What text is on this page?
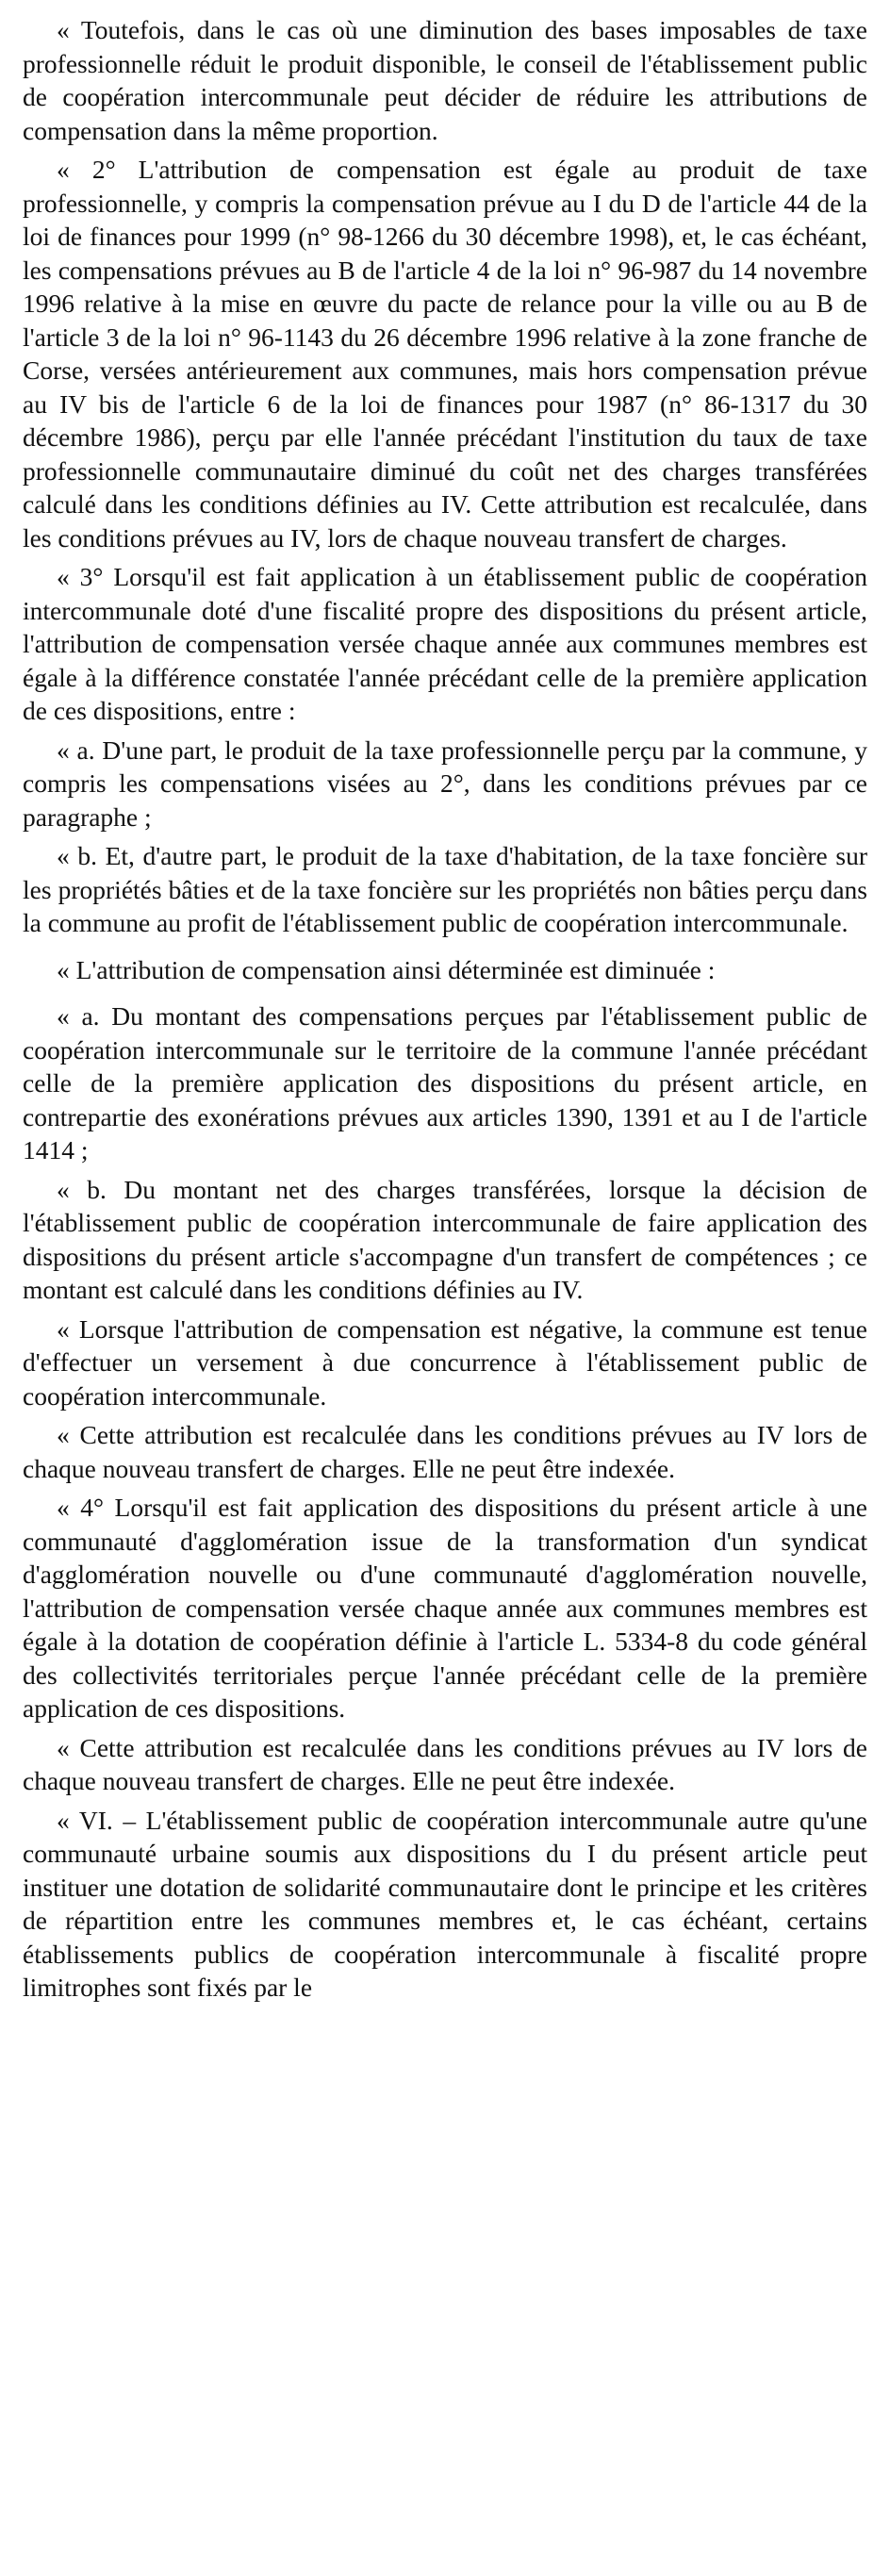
« Toutefois, dans le cas où une diminution des bases imposables de taxe professionnelle réduit le produit disponible, le conseil de l'établissement public de coopération intercommunale peut décider de réduire les attributions de compensation dans la même proportion.

« 2° L'attribution de compensation est égale au produit de taxe professionnelle, y compris la compensation prévue au I du D de l'article 44 de la loi de finances pour 1999 (n° 98-1266 du 30 décembre 1998), et, le cas échéant, les compensations prévues au B de l'article 4 de la loi n° 96-987 du 14 novembre 1996 relative à la mise en œuvre du pacte de relance pour la ville ou au B de l'article 3 de la loi n° 96-1143 du 26 décembre 1996 relative à la zone franche de Corse, versées antérieurement aux communes, mais hors compensation prévue au IV bis de l'article 6 de la loi de finances pour 1987 (n° 86-1317 du 30 décembre 1986), perçu par elle l'année précédant l'institution du taux de taxe professionnelle communautaire diminué du coût net des charges transférées calculé dans les conditions définies au IV. Cette attribution est recalculée, dans les conditions prévues au IV, lors de chaque nouveau transfert de charges.

« 3° Lorsqu'il est fait application à un établissement public de coopération intercommunale doté d'une fiscalité propre des dispositions du présent article, l'attribution de compensation versée chaque année aux communes membres est égale à la différence constatée l'année précédant celle de la première application de ces dispositions, entre :

« a. D'une part, le produit de la taxe professionnelle perçu par la commune, y compris les compensations visées au 2°, dans les conditions prévues par ce paragraphe ;

« b. Et, d'autre part, le produit de la taxe d'habitation, de la taxe foncière sur les propriétés bâties et de la taxe foncière sur les propriétés non bâties perçu dans la commune au profit de l'établissement public de coopération intercommunale.

« L'attribution de compensation ainsi déterminée est diminuée :

« a. Du montant des compensations perçues par l'établissement public de coopération intercommunale sur le territoire de la commune l'année précédant celle de la première application des dispositions du présent article, en contrepartie des exonérations prévues aux articles 1390, 1391 et au I de l'article 1414 ;

« b. Du montant net des charges transférées, lorsque la décision de l'établissement public de coopération intercommunale de faire application des dispositions du présent article s'accompagne d'un transfert de compétences ; ce montant est calculé dans les conditions définies au IV.

« Lorsque l'attribution de compensation est négative, la commune est tenue d'effectuer un versement à due concurrence à l'établissement public de coopération intercommunale.

« Cette attribution est recalculée dans les conditions prévues au IV lors de chaque nouveau transfert de charges. Elle ne peut être indexée.

« 4° Lorsqu'il est fait application des dispositions du présent article à une communauté d'agglomération issue de la transformation d'un syndicat d'agglomération nouvelle ou d'une communauté d'agglomération nouvelle, l'attribution de compensation versée chaque année aux communes membres est égale à la dotation de coopération définie à l'article L. 5334-8 du code général des collectivités territoriales perçue l'année précédant celle de la première application de ces dispositions.

« Cette attribution est recalculée dans les conditions prévues au IV lors de chaque nouveau transfert de charges. Elle ne peut être indexée.

« VI. – L'établissement public de coopération intercommunale autre qu'une communauté urbaine soumis aux dispositions du I du présent article peut instituer une dotation de solidarité communautaire dont le principe et les critères de répartition entre les communes membres et, le cas échéant, certains établissements publics de coopération intercommunale à fiscalité propre limitrophes sont fixés par le
